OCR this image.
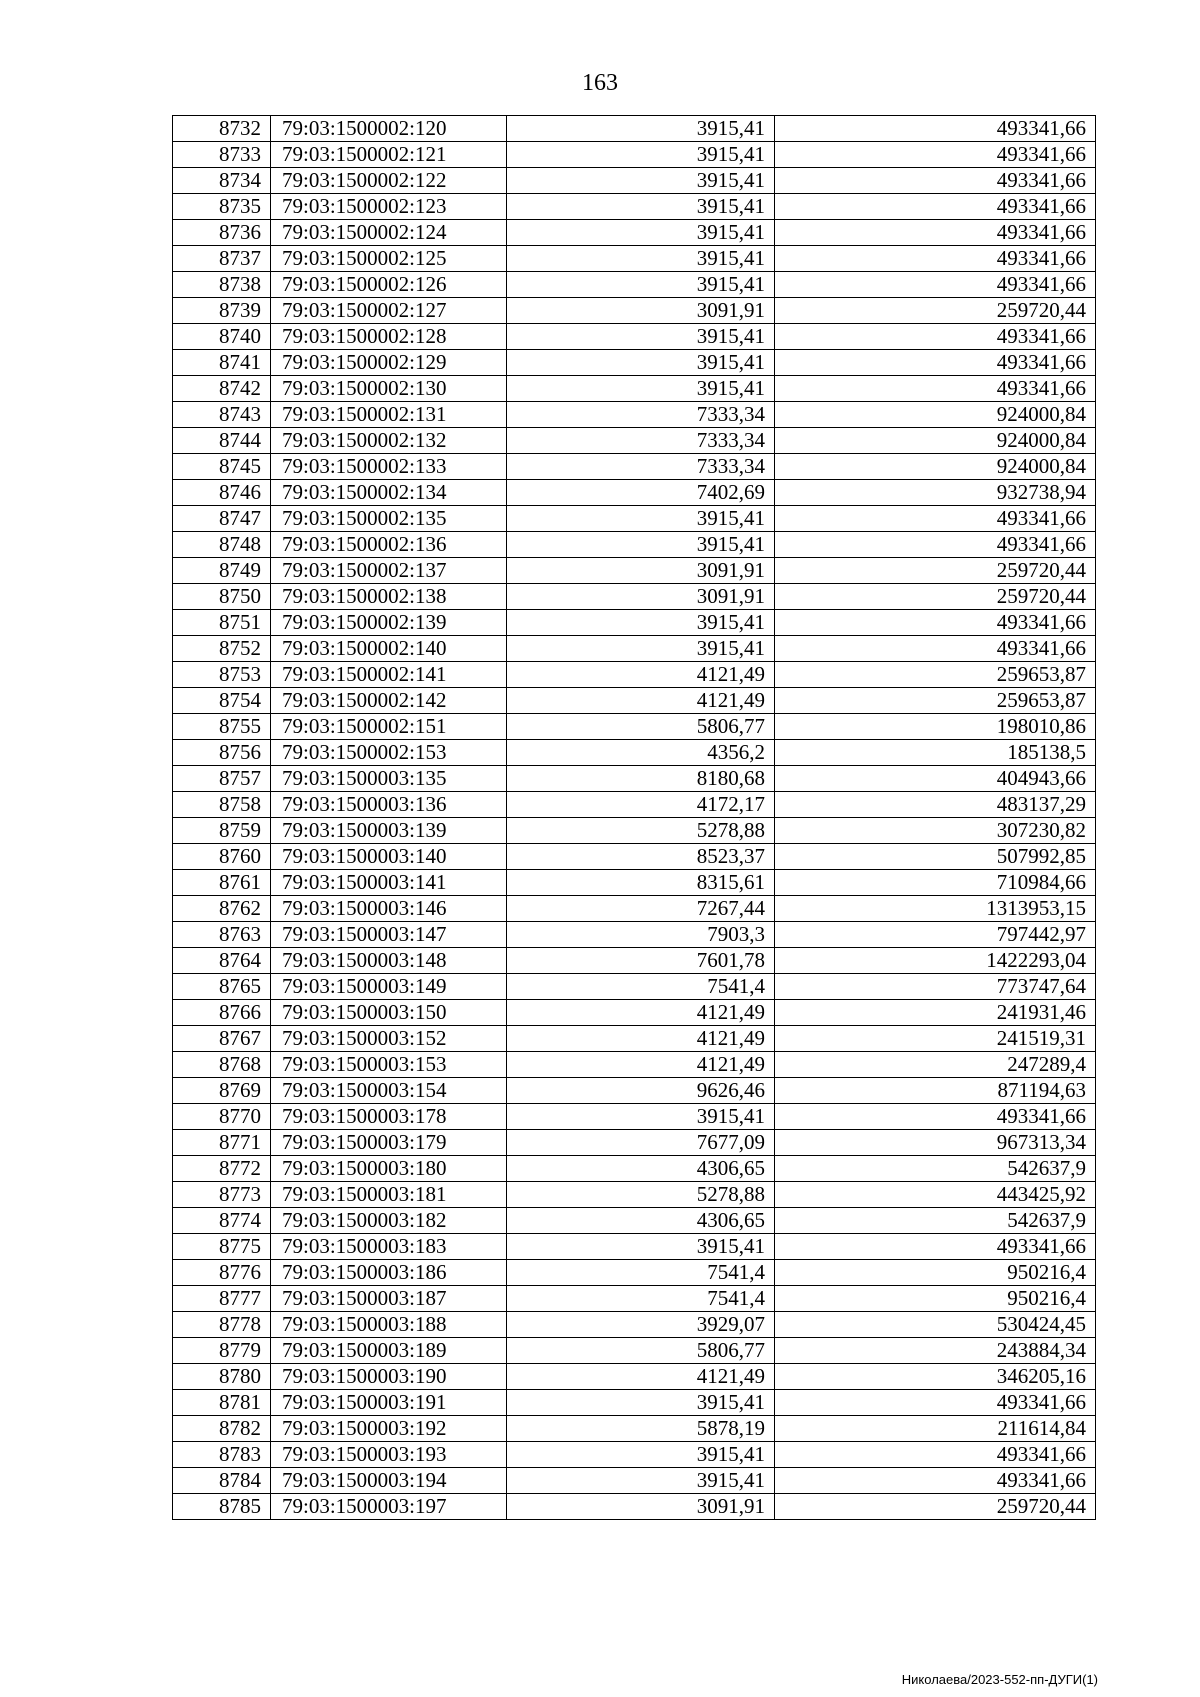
163
8732	79:03:1500002:120	3915,41	493341,66
8733	79:03:1500002:121	3915,41	493341,66
8734	79:03:1500002:122	3915,41	493341,66
8735	79:03:1500002:123	3915,41	493341,66
8736	79:03:1500002:124	3915,41	493341,66
8737	79:03:1500002:125	3915,41	493341,66
8738	79:03:1500002:126	3915,41	493341,66
8739	79:03:1500002:127	3091,91	259720,44
8740	79:03:1500002:128	3915,41	493341,66
8741	79:03:1500002:129	3915,41	493341,66
8742	79:03:1500002:130	3915,41	493341,66
8743	79:03:1500002:131	7333,34	924000,84
8744	79:03:1500002:132	7333,34	924000,84
8745	79:03:1500002:133	7333,34	924000,84
8746	79:03:1500002:134	7402,69	932738,94
8747	79:03:1500002:135	3915,41	493341,66
8748	79:03:1500002:136	3915,41	493341,66
8749	79:03:1500002:137	3091,91	259720,44
8750	79:03:1500002:138	3091,91	259720,44
8751	79:03:1500002:139	3915,41	493341,66
8752	79:03:1500002:140	3915,41	493341,66
8753	79:03:1500002:141	4121,49	259653,87
8754	79:03:1500002:142	4121,49	259653,87
8755	79:03:1500002:151	5806,77	198010,86
8756	79:03:1500002:153	4356,2	185138,5
8757	79:03:1500003:135	8180,68	404943,66
8758	79:03:1500003:136	4172,17	483137,29
8759	79:03:1500003:139	5278,88	307230,82
8760	79:03:1500003:140	8523,37	507992,85
8761	79:03:1500003:141	8315,61	710984,66
8762	79:03:1500003:146	7267,44	1313953,15
8763	79:03:1500003:147	7903,3	797442,97
8764	79:03:1500003:148	7601,78	1422293,04
8765	79:03:1500003:149	7541,4	773747,64
8766	79:03:1500003:150	4121,49	241931,46
8767	79:03:1500003:152	4121,49	241519,31
8768	79:03:1500003:153	4121,49	247289,4
8769	79:03:1500003:154	9626,46	871194,63
8770	79:03:1500003:178	3915,41	493341,66
8771	79:03:1500003:179	7677,09	967313,34
8772	79:03:1500003:180	4306,65	542637,9
8773	79:03:1500003:181	5278,88	443425,92
8774	79:03:1500003:182	4306,65	542637,9
8775	79:03:1500003:183	3915,41	493341,66
8776	79:03:1500003:186	7541,4	950216,4
8777	79:03:1500003:187	7541,4	950216,4
8778	79:03:1500003:188	3929,07	530424,45
8779	79:03:1500003:189	5806,77	243884,34
8780	79:03:1500003:190	4121,49	346205,16
8781	79:03:1500003:191	3915,41	493341,66
8782	79:03:1500003:192	5878,19	211614,84
8783	79:03:1500003:193	3915,41	493341,66
8784	79:03:1500003:194	3915,41	493341,66
8785	79:03:1500003:197	3091,91	259720,44
Николаева/2023-552-пп-ДУГИ(1)
